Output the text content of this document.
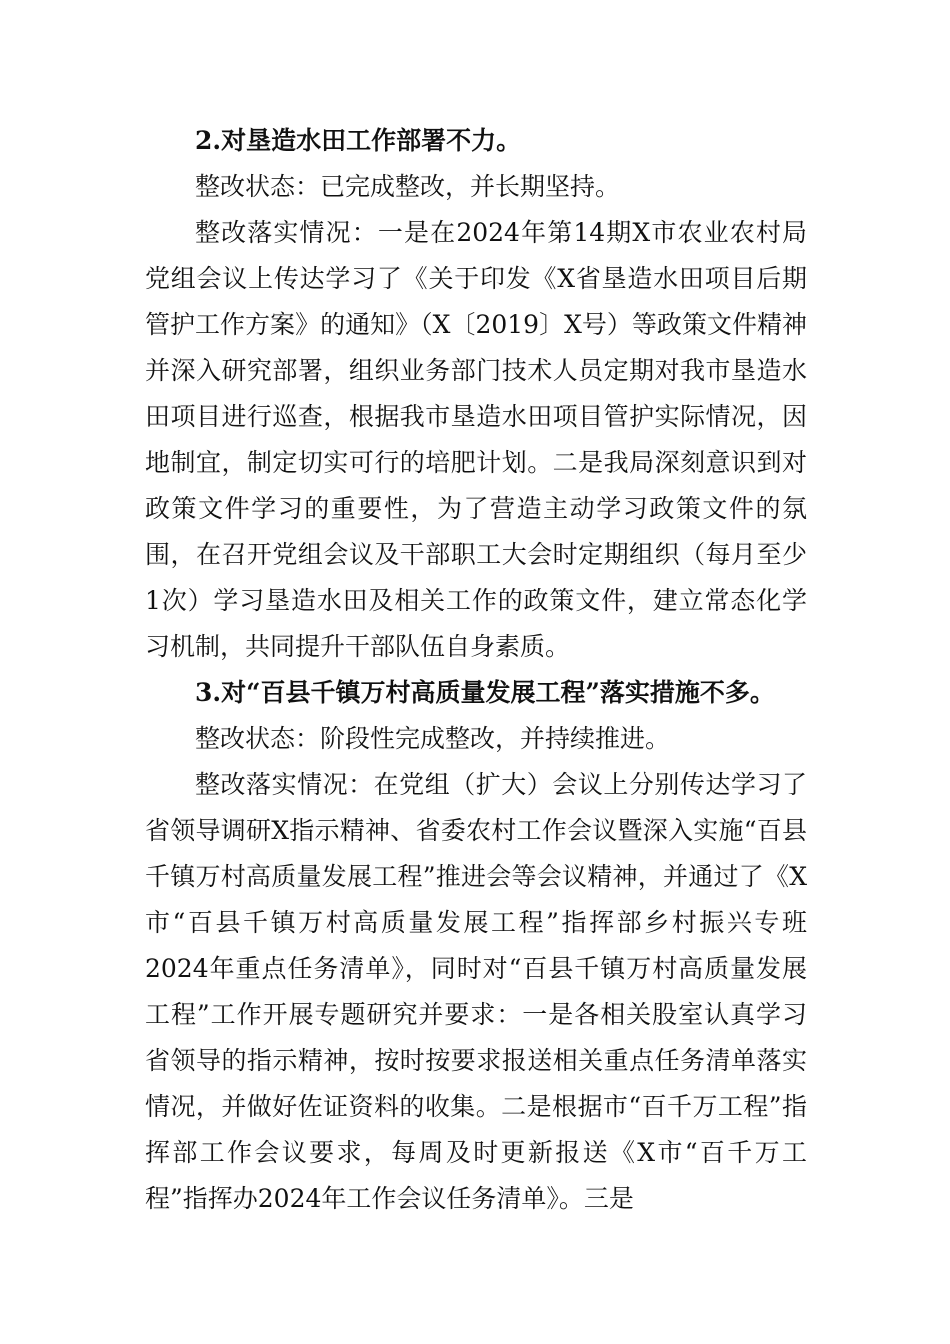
2.对垦造水田工作部署不力。

整改状态：已完成整改，并长期坚持。

整改落实情况：一是在2024年第14期X市农业农村局党组会议上传达学习了《关于印发《X省垦造水田项目后期管护工作方案》的通知》（X〔2019〕X号）等政策文件精神并深入研究部署，组织业务部门技术人员定期对我市垦造水田项目进行巡查，根据我市垦造水田项目管护实际情况，因地制宜，制定切实可行的培肥计划。二是我局深刻意识到对政策文件学习的重要性，为了营造主动学习政策文件的氛围，在召开党组会议及干部职工大会时定期组织（每月至少1次）学习垦造水田及相关工作的政策文件，建立常态化学习机制，共同提升干部队伍自身素质。

3.对“百县千镇万村高质量发展工程”落实措施不多。

整改状态：阶段性完成整改，并持续推进。

整改落实情况：在党组（扩大）会议上分别传达学习了省领导调研X指示精神、省委农村工作会议暨深入实施“百县千镇万村高质量发展工程”推进会等会议精神，并通过了《X市“百县千镇万村高质量发展工程”指挥部乡村振兴专班2024年重点任务清单》，同时对“百县千镇万村高质量发展工程”工作开展专题研究并要求：一是各相关股室认真学习省领导的指示精神，按时按要求报送相关重点任务清单落实情况，并做好佐证资料的收集。二是根据市“百千万工程”指挥部工作会议要求，每周及时更新报送《X市“百千万工程”指挥办2024年工作会议任务清单》。三是
